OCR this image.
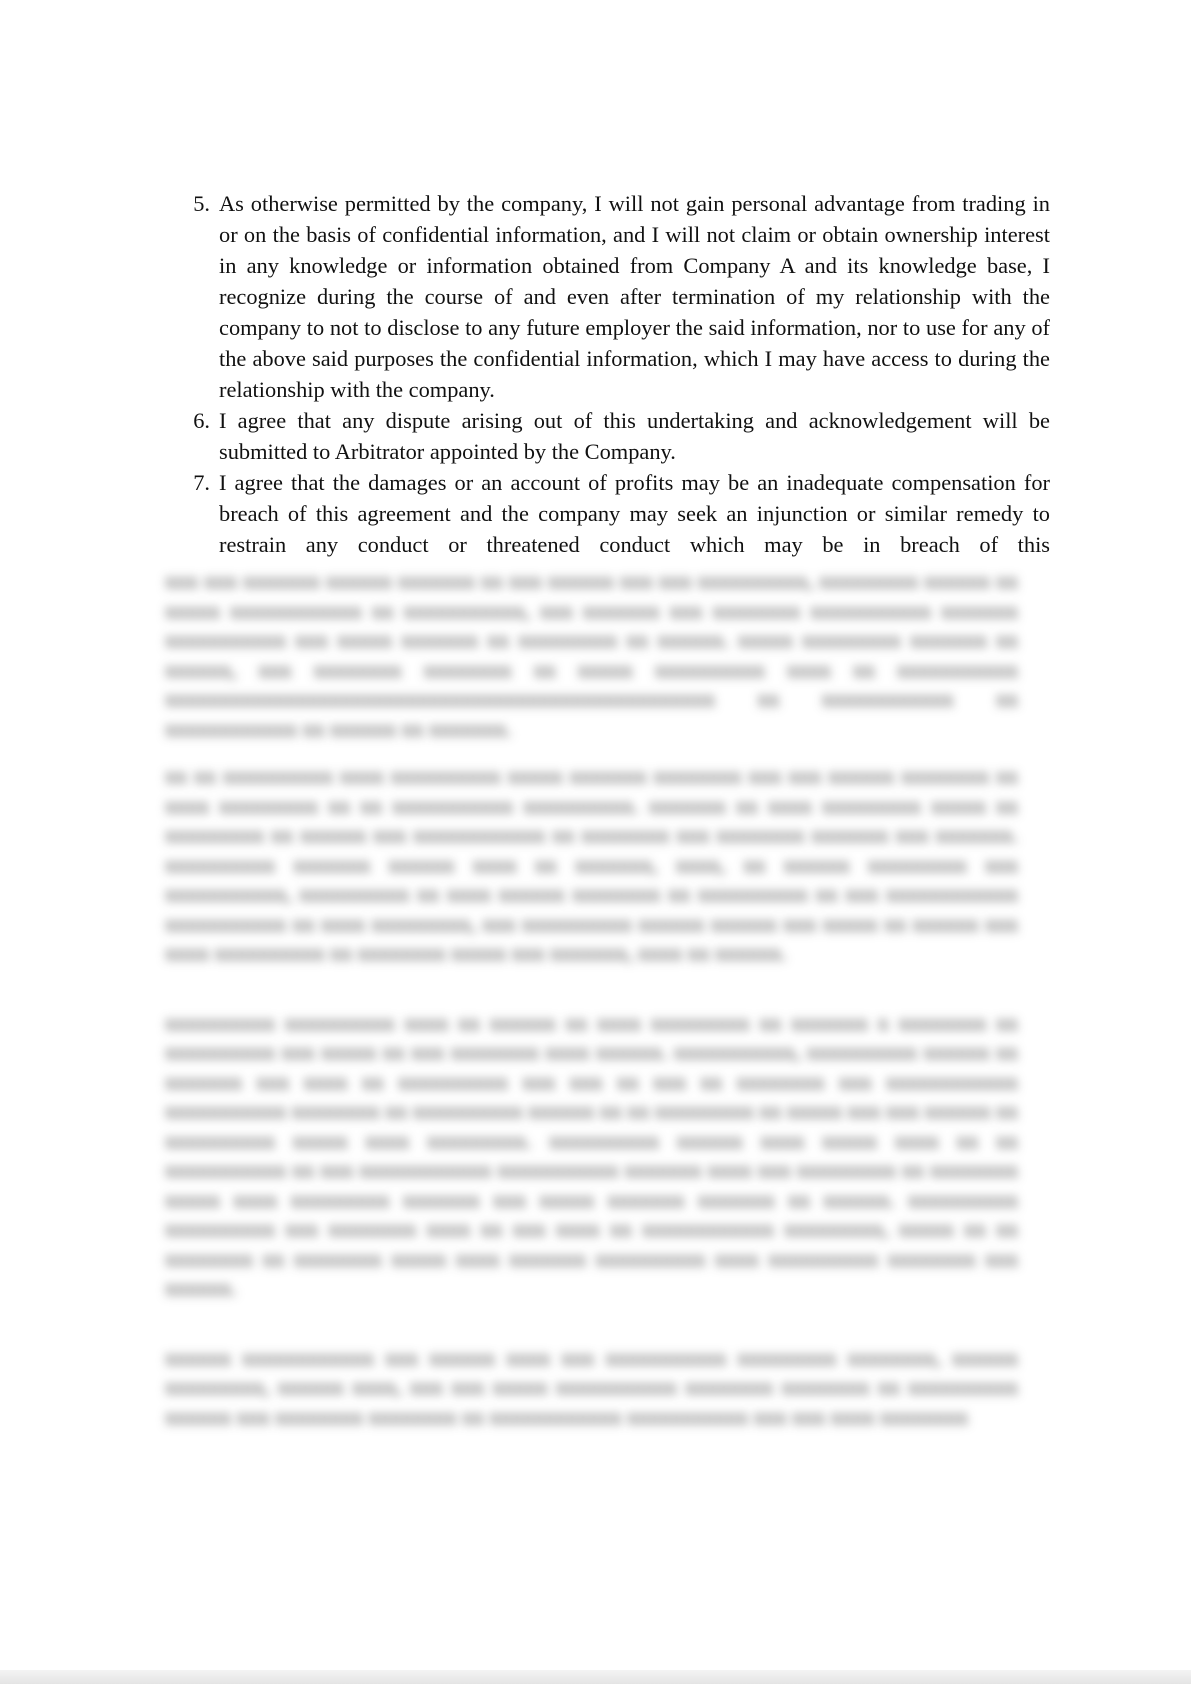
5. As otherwise permitted by the company, I will not gain personal advantage from trading in or on the basis of confidential information, and I will not claim or obtain ownership interest in any knowledge or information obtained from Company A and its knowledge base, I recognize during the course of and even after termination of my relationship with the company to not to disclose to any future employer the said information, nor to use for any of the above said purposes the confidential information, which I may have access to during the relationship with the company.
6. I agree that any dispute arising out of this undertaking and acknowledgement will be submitted to Arbitrator appointed by the Company.
7. I agree that the damages or an account of profits may be an inadequate compensation for breach of this agreement and the company may seek an injunction or similar remedy to restrain any conduct or threatened conduct which may be in breach of this

xxx xxx xxxxxxx xxxxxx xxxxxxx xx xxx xxxxxx xxx xxx xxxxxxxxxx, xxxxxxxxx xxxxxx xx xxxxx xxxxxxxxxxxx xx xxxxxxxxxxx, xxx xxxxxxx xxx xxxxxxxx xxxxxxxxxxx xxxxxxx xxxxxxxxxxx xxx xxxxx xxxxxxx xx xxxxxxxxx xx xxxxxx. xxxxx xxxxxxxxx xxxxxxx xx xxxxxx, xxx xxxxxxxx xxxxxxxx xx xxxxx xxxxxxxxxx xxxx xx xxxxxxxxxxx xxxxxxxxxxxxxxxxxxxxxxxxxxxxxxxxxxxxxxxxxxxxxxxxxx xx xxxxxxxxxxxx xx xxxxxxxxxxxx xx xxxxxx xx xxxxxxx.

xx xx xxxxxxxxxx xxxx xxxxxxxxxx xxxxx xxxxxxx xxxxxxxx xxx xxx xxxxxx xxxxxxxx xx xxxx xxxxxxxxx xx xx xxxxxxxxxxx xxxxxxxxxx. xxxxxxx xx xxxx xxxxxxxxx xxxxx xx xxxxxxxxx xx xxxxxx xxx xxxxxxxxxxxx xx xxxxxxxx xxx xxxxxxxx xxxxxxx xxx xxxxxxx. xxxxxxxxxx xxxxxxx xxxxxx xxxx xx xxxxxxx, xxxx, xx xxxxxx xxxxxxxxx xxx xxxxxxxxxxx, xxxxxxxxxx xx xxxx xxxxxx xxxxxxxx xx xxxxxxxxxx xx xxx xxxxxxxxxxxx xxxxxxxxxxx xx xxxx xxxxxxxxx, xxx xxxxxxxxxx xxxxxx xxxxxx xxx xxxxx xx xxxxxx xxx xxxx xxxxxxxxxx xx xxxxxxxx xxxxx xxx xxxxxxx, xxxx xx xxxxxx.

xxxxxxxxxx xxxxxxxxxx xxxx xx xxxxxx xx xxxx xxxxxxxxx xx xxxxxxx x xxxxxxxx xx xxxxxxxxxx xxx xxxxx xx xxx xxxxxxxx xxxx xxxxxx. xxxxxxxxxxx, xxxxxxxxxx xxxxxx xx xxxxxxx xxx xxxx xx xxxxxxxxxx xxx xxx xx xxx xx xxxxxxxx xxx xxxxxxxxxxxx xxxxxxxxxxx xxxxxxxx xx xxxxxxxxxx xxxxxx xx xx xxxxxxxxx xx xxxxx xxx xxx xxxxxx xx xxxxxxxxxx xxxxx xxxx xxxxxxxxx. xxxxxxxxxx xxxxxx xxxx xxxxx xxxx xx xx xxxxxxxxxxx xx xxx xxxxxxxxxxxx xxxxxxxxxxx xxxxxxx xxxx xxx xxxxxxxxx xx xxxxxxxx xxxxx xxxx xxxxxxxxx xxxxxxx xxx xxxxx xxxxxxx xxxxxxx xx xxxxxx. xxxxxxxxxx xxxxxxxxxx xxx xxxxxxxx xxxx xx xxx xxxx xx xxxxxxxxxxxx xxxxxxxxx, xxxxx xx xx xxxxxxxx xx xxxxxxxx xxxxx xxxx xxxxxxx xxxxxxxxxx xxxx xxxxxxxxxx xxxxxxxx xxx xxxxxx.

xxxxxx xxxxxxxxxxxx xxx xxxxxx xxxx xxx xxxxxxxxxxx xxxxxxxxx xxxxxxxx, xxxxxx xxxxxxxxx, xxxxxx xxxx, xxx xxx xxxxx xxxxxxxxxxx xxxxxxxx xxxxxxxx xx xxxxxxxxxx xxxxxx xxx xxxxxxxx xxxxxxxx xx xxxxxxxxxxxx xxxxxxxxxxx xxx xxx xxxx xxxxxxxx
